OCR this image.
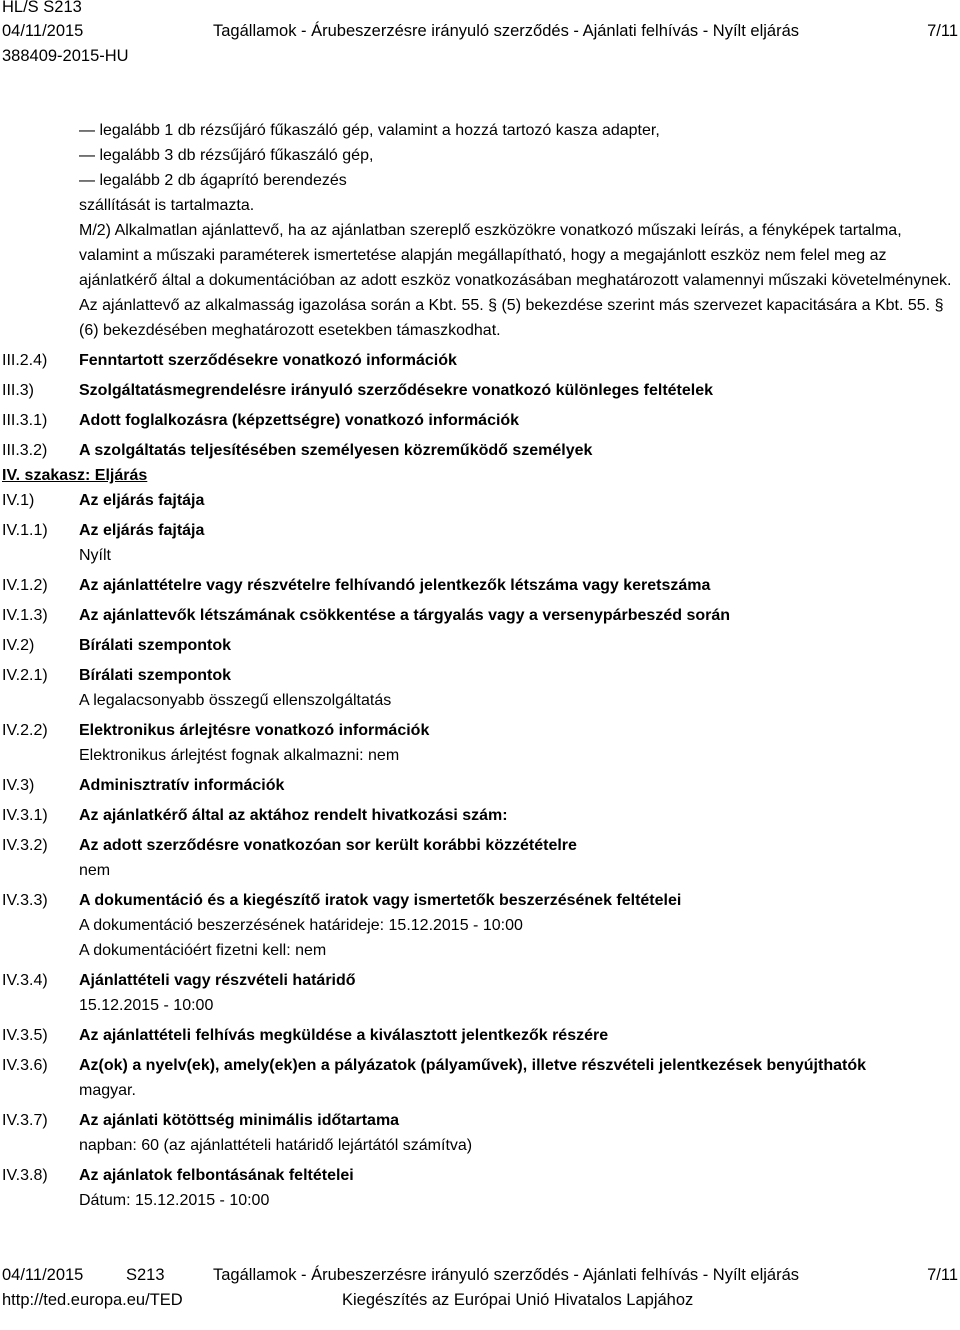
HL/S S213
04/11/2015	Tagállamok - Árubeszerzésre irányuló szerződés - Ajánlati felhívás - Nyílt eljárás	7/11
388409-2015-HU

— legalább 1 db rézsűjáró fűkaszáló gép, valamint a hozzá tartozó kasza adapter,

— legalább 3 db rézsűjáró fűkaszáló gép,

— legalább 2 db ágaprító berendezés

szállítását is tartalmazta.

M/2) Alkalmatlan ajánlattevő, ha az ajánlatban szereplő eszközökre vonatkozó műszaki leírás, a fényképek tartalma, valamint a műszaki paraméterek ismertetése alapján megállapítható, hogy a megajánlott eszköz nem felel meg az ajánlatkérő által a dokumentációban az adott eszköz vonatkozásában meghatározott valamennyi műszaki követelménynek.

Az ajánlattevő az alkalmasság igazolása során a Kbt. 55. § (5) bekezdése szerint más szervezet kapacitására a Kbt. 55. § (6) bekezdésében meghatározott esetekben támaszkodhat.

III.2.4)	Fenntartott szerződésekre vonatkozó információk
III.3)	Szolgáltatásmegrendelésre irányuló szerződésekre vonatkozó különleges feltételek
III.3.1)	Adott foglalkozásra (képzettségre) vonatkozó információk
III.3.2)	A szolgáltatás teljesítésében személyesen közreműködő személyek
IV. szakasz: Eljárás
IV.1)	Az eljárás fajtája
IV.1.1)	Az eljárás fajtája

Nyílt

IV.1.2)	Az ajánlattételre vagy részvételre felhívandó jelentkezők létszáma vagy keretszáma
IV.1.3)	Az ajánlattevők létszámának csökkentése a tárgyalás vagy a versenypárbeszéd során
IV.2)	Bírálati szempontok
IV.2.1)	Bírálati szempontok

A legalacsonyabb összegű ellenszolgáltatás

IV.2.2)	Elektronikus árlejtésre vonatkozó információk

Elektronikus árlejtést fognak alkalmazni: nem

IV.3)	Adminisztratív információk
IV.3.1)	Az ajánlatkérő által az aktához rendelt hivatkozási szám:
IV.3.2)	Az adott szerződésre vonatkozóan sor került korábbi közzétételre

nem

IV.3.3)	A dokumentáció és a kiegészítő iratok vagy ismertetők beszerzésének feltételei

A dokumentáció beszerzésének határideje: 15.12.2015 - 10:00

A dokumentációért fizetni kell: nem

IV.3.4)	Ajánlattételi vagy részvételi határidő

15.12.2015 - 10:00

IV.3.5)	Az ajánlattételi felhívás megküldése a kiválasztott jelentkezők részére
IV.3.6)	Az(ok) a nyelv(ek), amely(ek)en a pályázatok (pályaművek), illetve részvételi jelentkezések benyújthatók

magyar.

IV.3.7)	Az ajánlati kötöttség minimális időtartama

napban: 60 (az ajánlattételi határidő lejártától számítva)

IV.3.8)	Az ajánlatok felbontásának feltételei

Dátum: 15.12.2015 - 10:00

04/11/2015	S213	Tagállamok - Árubeszerzésre irányuló szerződés - Ajánlati felhívás - Nyílt eljárás	7/11
http://ted.europa.eu/TED	Kiegészítés az Európai Unió Hivatalos Lapjához
